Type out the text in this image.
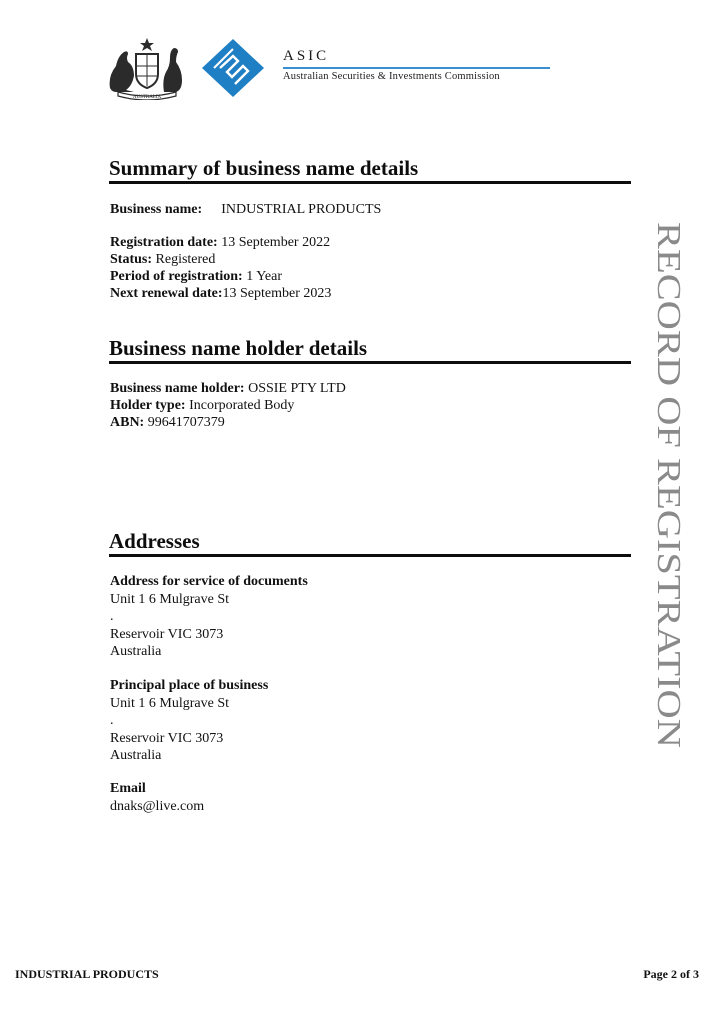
AUSTRALIA
ASIC
Australian Securities & Investments Commission
Summary of business name details
Business name: INDUSTRIAL PRODUCTS
Registration date: 13 September 2022
Status: Registered
Period of registration: 1 Year
Next renewal date:13 September 2023
Business name holder details
Business name holder: OSSIE PTY LTD
Holder type: Incorporated Body
ABN: 99641707379
Addresses
Address for service of documents
Unit 1 6 Mulgrave St
.
Reservoir VIC 3073
Australia
Principal place of business
Unit 1 6 Mulgrave St
.
Reservoir VIC 3073
Australia
Email
dnaks@live.com
RECORD OF REGISTRATION
INDUSTRIAL PRODUCTS	Page 2 of 3
